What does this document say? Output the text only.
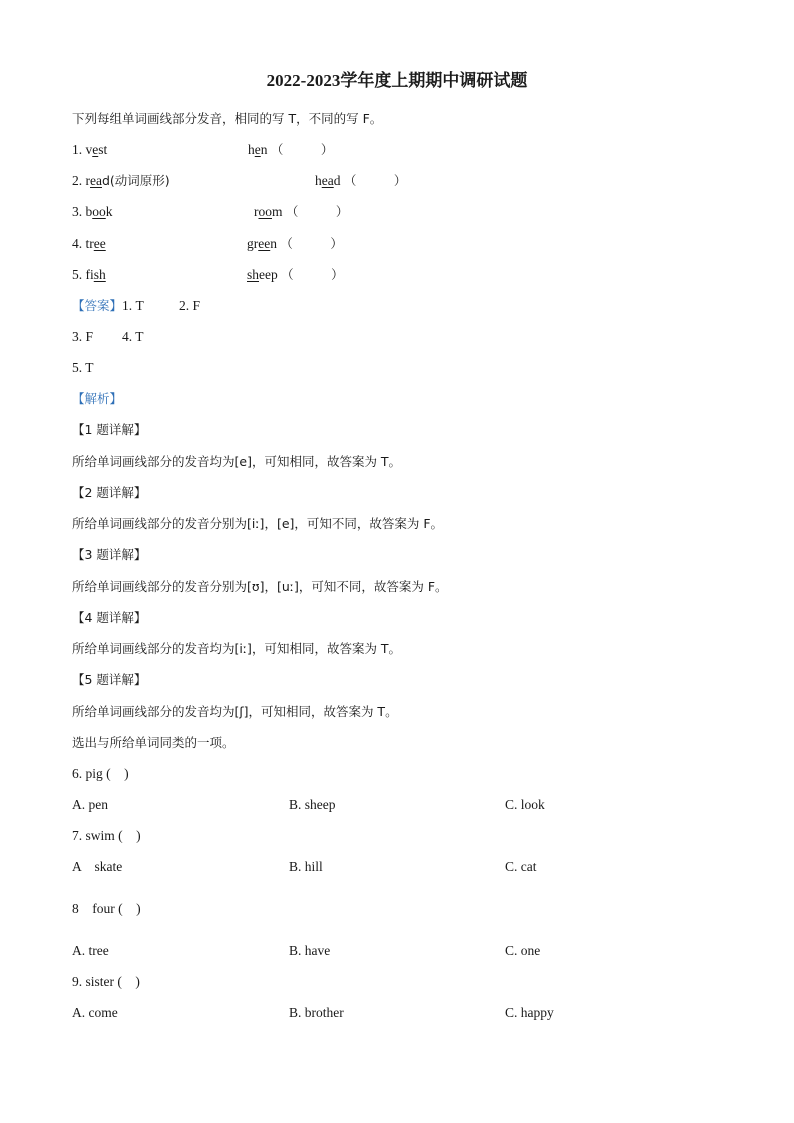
2022-2023学年度上期期中调研试题
下列每组单词画线部分发音，相同的写 T，不同的写 F。
1. vest	hen （　　　）
2. read(动词原形)	head （　　　）
3. book	room （　　　）
4. tree	green （　　　）
5. fish	sheep （　　　）
【答案】1. T	2. F
3. F 4. T
5. T
【解析】
【1 题详解】
所给单词画线部分的发音均为[e]，可知相同，故答案为 T。
【2 题详解】
所给单词画线部分的发音分别为[iː]，[e]，可知不同，故答案为 F。
【3 题详解】
所给单词画线部分的发音分别为[ʊ]，[uː]，可知不同，故答案为 F。
【4 题详解】
所给单词画线部分的发音均为[iː]，可知相同，故答案为 T。
【5 题详解】
所给单词画线部分的发音均为[ʃ]，可知相同，故答案为 T。
选出与所给单词同类的一项。
6. pig (　)
A. pen	B. sheep	C. look
7. swim (　)
A　skate	B. hill	C. cat
8　four (　)
A. tree	B. have	C. one
9. sister (　)
A. come	B. brother	C. happy
